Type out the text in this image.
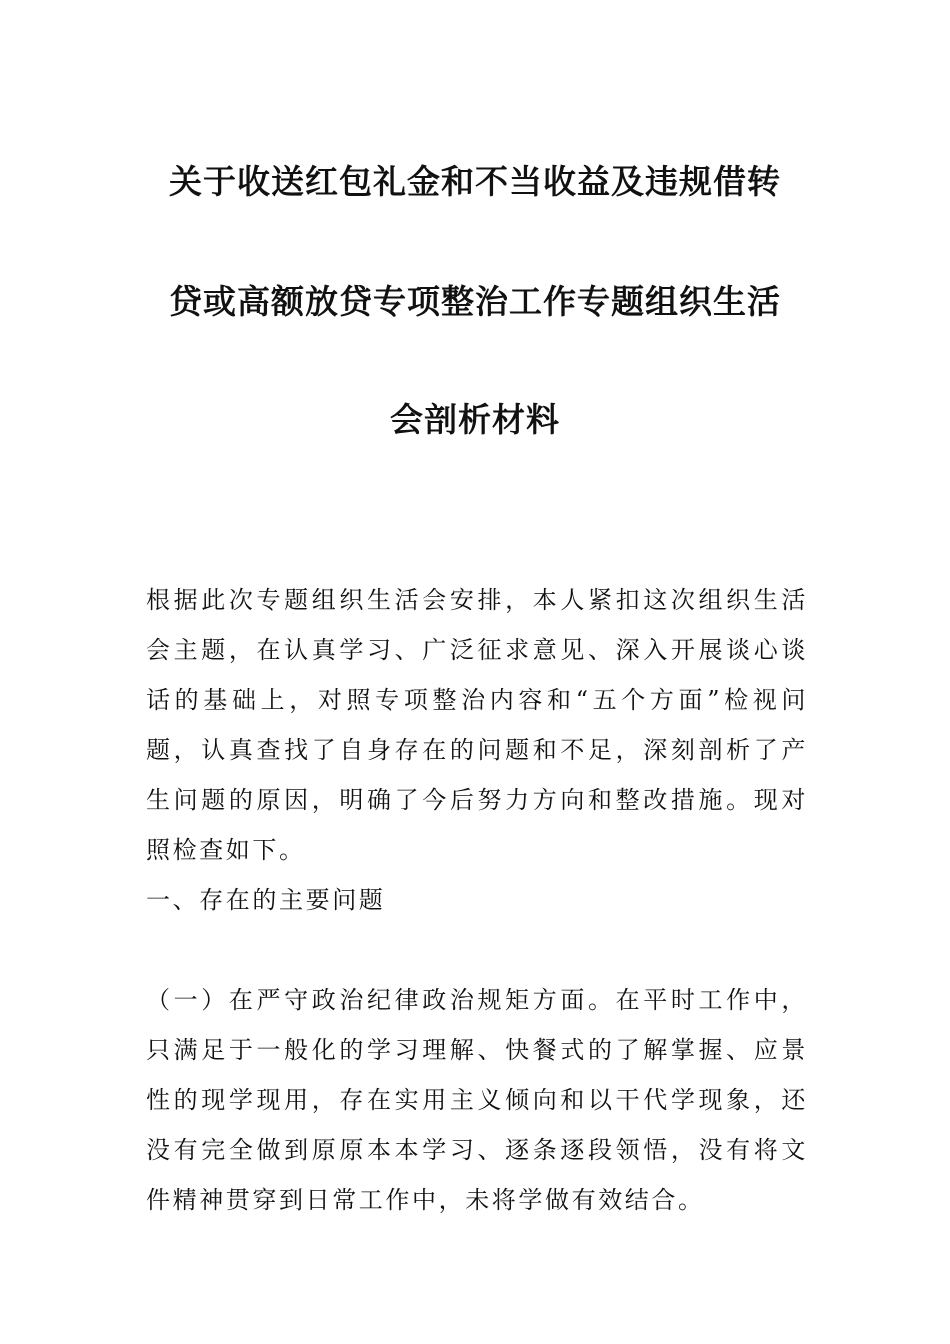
关于收送红包礼金和不当收益及违规借转
贷或高额放贷专项整治工作专题组织生活
会剖析材料

根据此次专题组织生活会安排，本人紧扣这次组织生活会主题，在认真学习、广泛征求意见、深入开展谈心谈话的基础上，对照专项整治内容和“五个方面”检视问题，认真查找了自身存在的问题和不足，深刻剖析了产生问题的原因，明确了今后努力方向和整改措施。现对照检查如下。

一、存在的主要问题

（一）在严守政治纪律政治规矩方面。在平时工作中，只满足于一般化的学习理解、快餐式的了解掌握、应景性的现学现用，存在实用主义倾向和以干代学现象，还没有完全做到原原本本学习、逐条逐段领悟，没有将文件精神贯穿到日常工作中，未将学做有效结合。
